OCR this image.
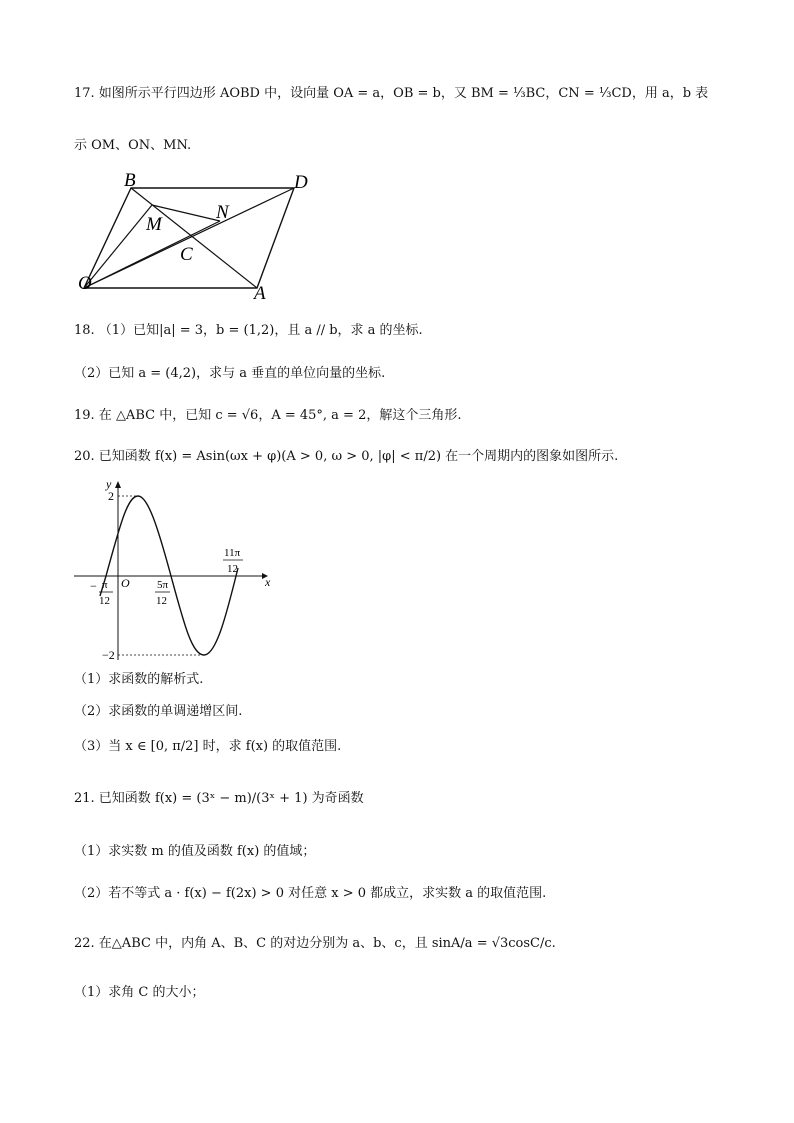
17. 如图所示平行四边形 AOBD 中，设向量 OA = a，OB = b，又 BM = ⅓BC，CN = ⅓CD，用 a，b 表
示 OM、ON、MN.
B	D
M
N
C
O	A
18. （1）已知|a| = 3，b = (1,2)，且 a // b，求 a 的坐标.
（2）已知 a = (4,2)，求与 a 垂直的单位向量的坐标.
19. 在 △ABC 中，已知 c = √6，A = 45°, a = 2，解这个三角形.
20. 已知函数 f(x) = Asin(ωx + φ)(A > 0, ω > 0, |φ| < π/2) 在一个周期内的图象如图所示.
x
y
O
2
−2
− π
12
5π
12
11π
12
（1）求函数的解析式.
（2）求函数的单调递增区间.
（3）当 x ∈ [0, π/2] 时，求 f(x) 的取值范围.
21. 已知函数 f(x) = (3ˣ − m)/(3ˣ + 1) 为奇函数
（1）求实数 m 的值及函数 f(x) 的值域；
（2）若不等式 a · f(x) − f(2x) > 0 对任意 x > 0 都成立，求实数 a 的取值范围.
22. 在△ABC 中，内角 A、B、C 的对边分别为 a、b、c，且 sinA/a = √3cosC/c.
（1）求角 C 的大小；
